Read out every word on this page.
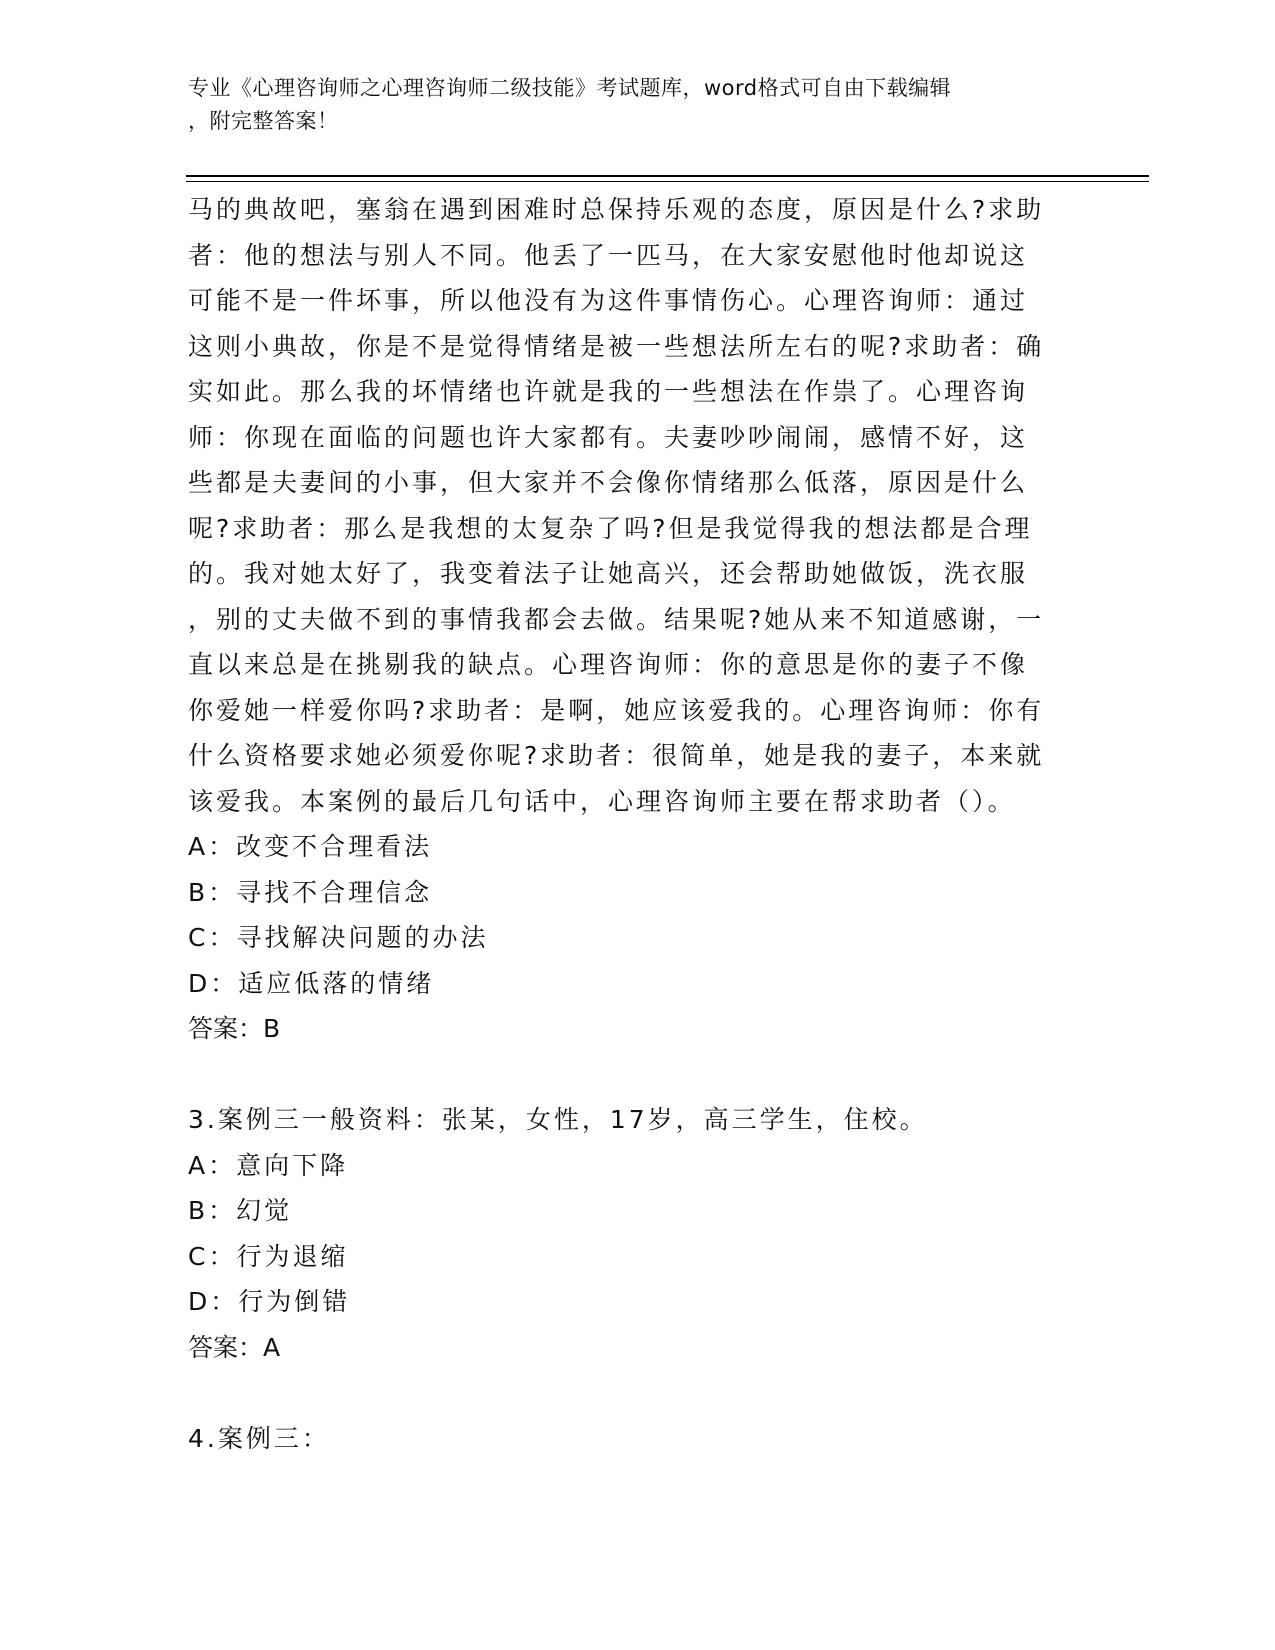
专业《心理咨询师之心理咨询师二级技能》考试题库，word格式可自由下载编辑
，附完整答案！
马的典故吧，塞翁在遇到困难时总保持乐观的态度，原因是什么?求助
者：他的想法与别人不同。他丢了一匹马，在大家安慰他时他却说这
可能不是一件坏事，所以他没有为这件事情伤心。心理咨询师：通过
这则小典故，你是不是觉得情绪是被一些想法所左右的呢?求助者：确
实如此。那么我的坏情绪也许就是我的一些想法在作祟了。心理咨询
师：你现在面临的问题也许大家都有。夫妻吵吵闹闹，感情不好，这
些都是夫妻间的小事，但大家并不会像你情绪那么低落，原因是什么
呢?求助者：那么是我想的太复杂了吗?但是我觉得我的想法都是合理
的。我对她太好了，我变着法子让她高兴，还会帮助她做饭，洗衣服
，别的丈夫做不到的事情我都会去做。结果呢?她从来不知道感谢，一
直以来总是在挑剔我的缺点。心理咨询师：你的意思是你的妻子不像
你爱她一样爱你吗?求助者：是啊，她应该爱我的。心理咨询师：你有
什么资格要求她必须爱你呢?求助者：很简单，她是我的妻子，本来就
该爱我。本案例的最后几句话中，心理咨询师主要在帮求助者（）。
A：改变不合理看法
B：寻找不合理信念
C：寻找解决问题的办法
D：适应低落的情绪
答案：B
3.案例三一般资料：张某，女性，17岁，高三学生，住校。
A：意向下降
B：幻觉
C：行为退缩
D：行为倒错
答案：A
4.案例三：
